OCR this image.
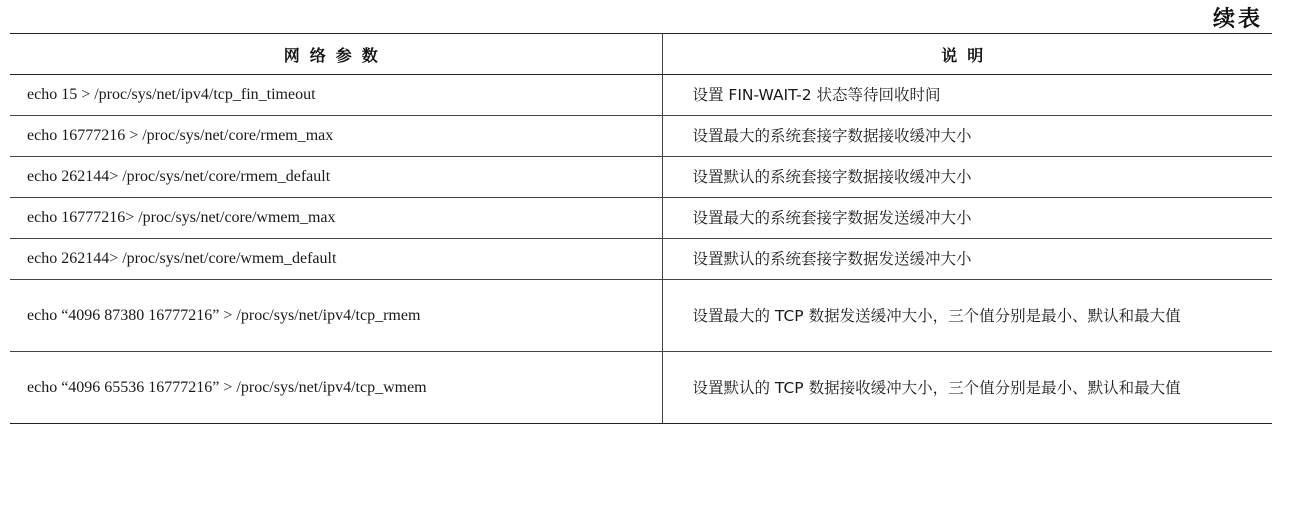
续表
网络参数	说明
echo 15 > /proc/sys/net/ipv4/tcp_fin_timeout	设置 FIN-WAIT-2 状态等待回收时间
echo 16777216 > /proc/sys/net/core/rmem_max	设置最大的系统套接字数据接收缓冲大小
echo 262144> /proc/sys/net/core/rmem_default	设置默认的系统套接字数据接收缓冲大小
echo 16777216> /proc/sys/net/core/wmem_max	设置最大的系统套接字数据发送缓冲大小
echo 262144> /proc/sys/net/core/wmem_default	设置默认的系统套接字数据发送缓冲大小
echo “4096 87380 16777216” > /proc/sys/net/ipv4/tcp_rmem	设置最大的 TCP 数据发送缓冲大小，三个值分别是最小、默认和最大值

echo “4096 65536 16777216” > /proc/sys/net/ipv4/tcp_wmem	设置默认的 TCP 数据接收缓冲大小，三个值分别是最小、默认和最大值
